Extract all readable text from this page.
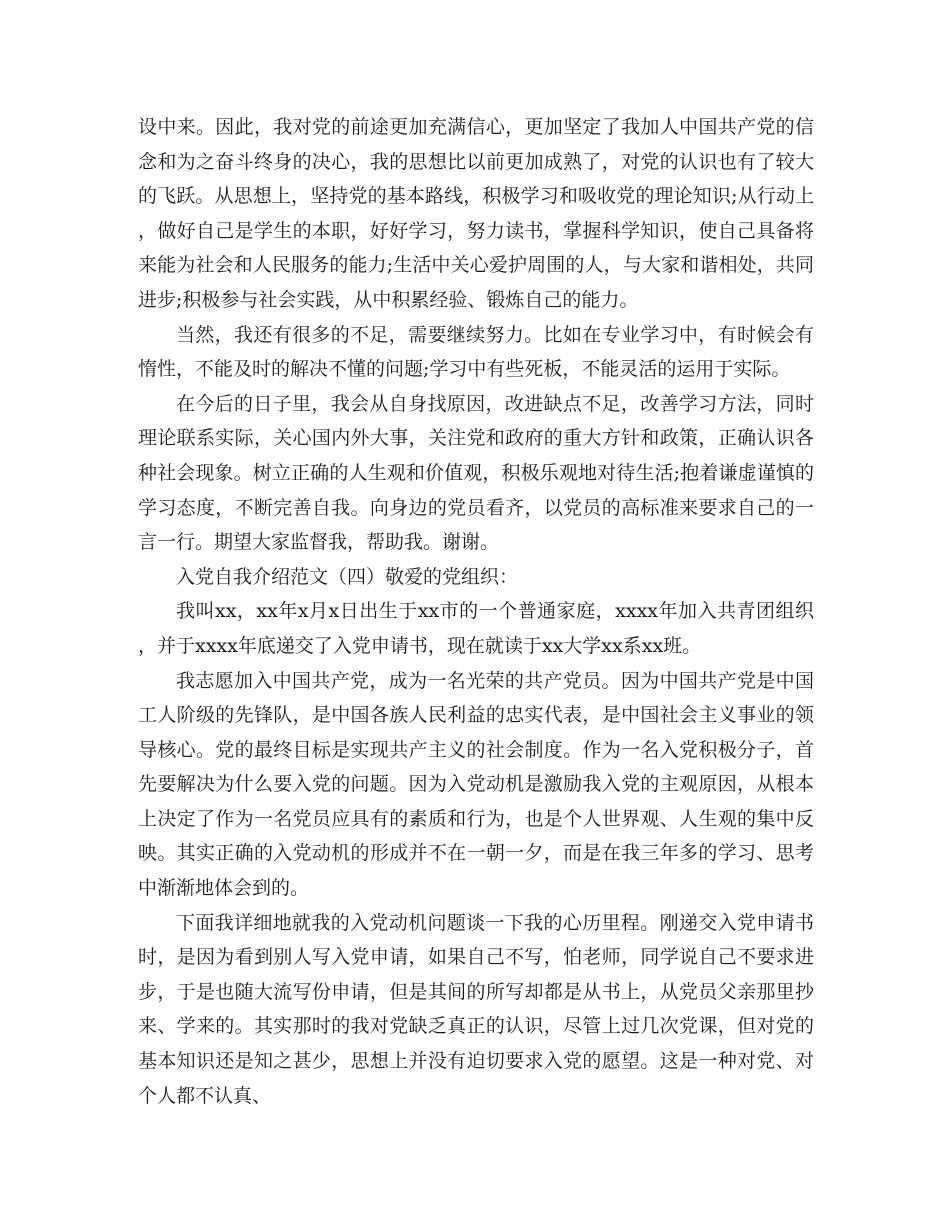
设中来。因此，我对党的前途更加充满信心，更加坚定了我加人中国共产党的信念和为之奋斗终身的决心，我的思想比以前更加成熟了，对党的认识也有了较大的飞跃。从思想上，坚持党的基本路线，积极学习和吸收党的理论知识;从行动上，做好自己是学生的本职，好好学习，努力读书，掌握科学知识，使自己具备将来能为社会和人民服务的能力;生活中关心爱护周围的人，与大家和谐相处，共同进步;积极参与社会实践，从中积累经验、锻炼自己的能力。

当然，我还有很多的不足，需要继续努力。比如在专业学习中，有时候会有惰性，不能及时的解决不懂的问题;学习中有些死板，不能灵活的运用于实际。

在今后的日子里，我会从自身找原因，改进缺点不足，改善学习方法，同时理论联系实际，关心国内外大事，关注党和政府的重大方针和政策，正确认识各种社会现象。树立正确的人生观和价值观，积极乐观地对待生活;抱着谦虚谨慎的学习态度，不断完善自我。向身边的党员看齐，以党员的高标准来要求自己的一言一行。期望大家监督我，帮助我。谢谢。

入党自我介绍范文（四）敬爱的党组织：

我叫xx，xx年x月x日出生于xx市的一个普通家庭，xxxx年加入共青团组织，并于xxxx年底递交了入党申请书，现在就读于xx大学xx系xx班。

我志愿加入中国共产党，成为一名光荣的共产党员。因为中国共产党是中国工人阶级的先锋队，是中国各族人民利益的忠实代表，是中国社会主义事业的领导核心。党的最终目标是实现共产主义的社会制度。作为一名入党积极分子，首先要解决为什么要入党的问题。因为入党动机是激励我入党的主观原因，从根本上决定了作为一名党员应具有的素质和行为，也是个人世界观、人生观的集中反映。其实正确的入党动机的形成并不在一朝一夕，而是在我三年多的学习、思考中渐渐地体会到的。

下面我详细地就我的入党动机问题谈一下我的心历里程。刚递交入党申请书时，是因为看到别人写入党申请，如果自己不写，怕老师，同学说自己不要求进步，于是也随大流写份申请，但是其间的所写却都是从书上，从党员父亲那里抄来、学来的。其实那时的我对党缺乏真正的认识，尽管上过几次党课，但对党的基本知识还是知之甚少，思想上并没有迫切要求入党的愿望。这是一种对党、对个人都不认真、
